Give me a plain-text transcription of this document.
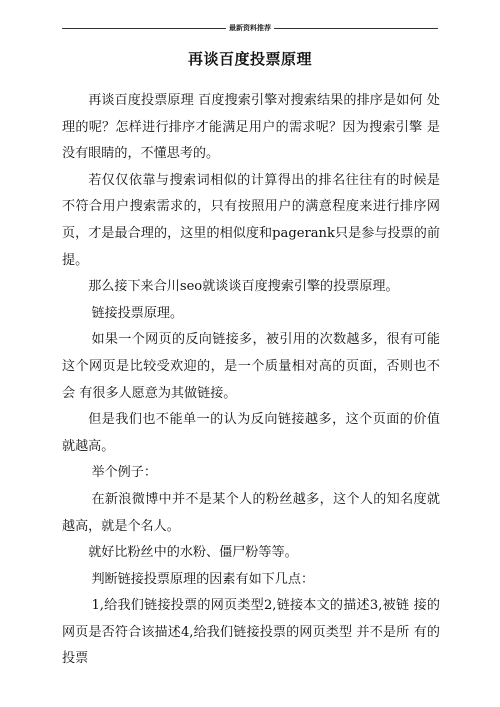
最新资料推荐
再谈百度投票原理

再谈百度投票原理 百度搜索引擎对搜索结果的排序是如何 处理的呢？怎样进行排序才能满足用户的需求呢？因为搜索引擎 是没有眼睛的，不懂思考的。

若仅仅依靠与搜索词相似的计算得出的排名往往有的时候是不符合用户搜索需求的，只有按照用户的满意程度来进行排序网页，才是最合理的，这里的相似度和pagerank只是参与投票的前提。

那么接下来合川seo就谈谈百度搜索引擎的投票原理。

链接投票原理。

如果一个网页的反向链接多，被引用的次数越多，很有可能 这个网页是比较受欢迎的，是一个质量相对高的页面，否则也不会 有很多人愿意为其做链接。

但是我们也不能单一的认为反向链接越多，这个页面的价值就越高。

举个例子：

在新浪微博中并不是某个人的粉丝越多，这个人的知名度就越高，就是个名人。

就好比粉丝中的水粉、僵尸粉等等。

判断链接投票原理的因素有如下几点：

1,给我们链接投票的网页类型2,链接本文的描述3,被链 接的网页是否符合该描述4,给我们链接投票的网页类型 并不是所 有的投票
